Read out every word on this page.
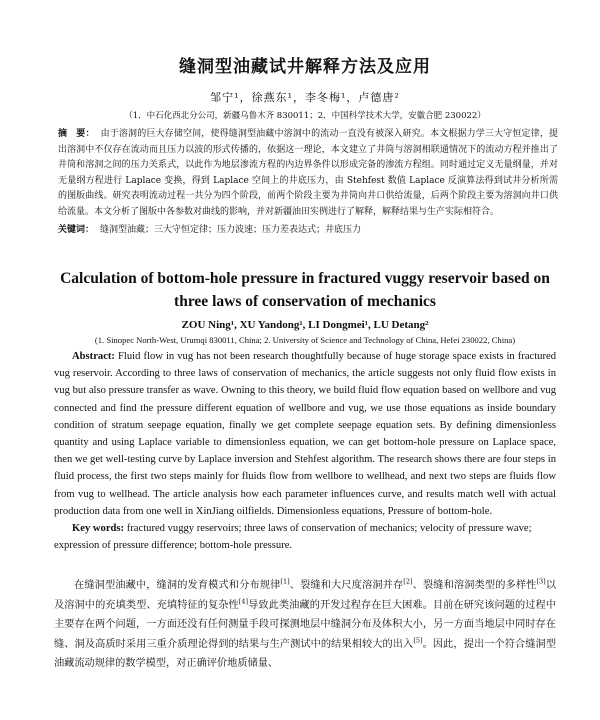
缝洞型油藏试井解释方法及应用
邹宁¹，徐燕东¹，李冬梅¹，卢德唐²
（1．中石化西北分公司，新疆乌鲁木齐 830011；2．中国科学技术大学，安徽合肥 230022）
摘　要： 由于溶洞的巨大存储空间，使得缝洞型油藏中溶洞中的流动一直没有被深入研究。本文根据力学三大守恒定律，提出溶洞中不仅存在流动而且压力以波的形式传播的，依据这一理论，本文建立了井筒与溶洞相联通情况下的流动方程并推出了井筒和溶洞之间的压力关系式，以此作为地层渗流方程的内边界条件以形成完备的渗流方程组。同时通过定义无量纲量，并对无量纲方程进行 Laplace 变换，得到 Laplace 空间上的井底压力，由 Stehfest 数值 Laplace 反演算法得到试井分析所需的图版曲线。研究表明流动过程一共分为四个阶段，前两个阶段主要为井筒向井口供给流量，后两个阶段主要为溶洞向井口供给流量。本文分析了图版中各参数对曲线的影响，并对新疆油田实例进行了解释，解释结果与生产实际相符合。
关键词： 缝洞型油藏；三大守恒定律；压力波速；压力差表达式；井底压力
Calculation of bottom-hole pressure in fractured vuggy reservoir based on three laws of conservation of mechanics
ZOU Ning¹, XU Yandong¹, LI Dongmei¹, LU Detang²
(1. Sinopec North-West, Urumqi 830011, China; 2. University of Science and Technology of China, Hefei 230022, China)
Abstract: Fluid flow in vug has not been research thoughtfully because of huge storage space exists in fractured vug reservoir. According to three laws of conservation of mechanics, the article suggests not only fluid flow exists in vug but also pressure transfer as wave. Owning to this theory, we build fluid flow equation based on wellbore and vug connected and find the pressure different equation of wellbore and vug, we use those equations as inside boundary condition of stratum seepage equation, finally we get complete seepage equation sets. By defining dimensionless quantity and using Laplace variable to dimensionless equation, we can get bottom-hole pressure on Laplace space, then we get well-testing curve by Laplace inversion and Stehfest algorithm. The research shows there are four steps in fluid process, the first two steps mainly for fluids flow from wellbore to wellhead, and next two steps are fluids flow from vug to wellhead. The article analysis how each parameter influences curve, and results match well with actual production data from one well in XinJiang oilfields. Dimensionless equations, Pressure of bottom-hole.
Key words: fractured vuggy reservoirs; three laws of conservation of mechanics; velocity of pressure wave; expression of pressure difference; bottom-hole pressure.
在缝洞型油藏中，缝洞的发育模式和分布规律[1]、裂缝和大尺度溶洞并存[2]、裂缝和溶洞类型的多样性[3]以及溶洞中的充填类型、充填特征的复杂性[4]导致此类油藏的开发过程存在巨大困难。目前在研究该问题的过程中主要存在两个问题，一方面还没有任何测量手段可探测地层中缝洞分布及体积大小，另一方面当地层中同时存在缝、洞及高质时采用三重介质理论得到的结果与生产测试中的结果相较大的出入[5]。因此，提出一个符合缝洞型油藏流动规律的数学模型，对正确评价地质储量、
